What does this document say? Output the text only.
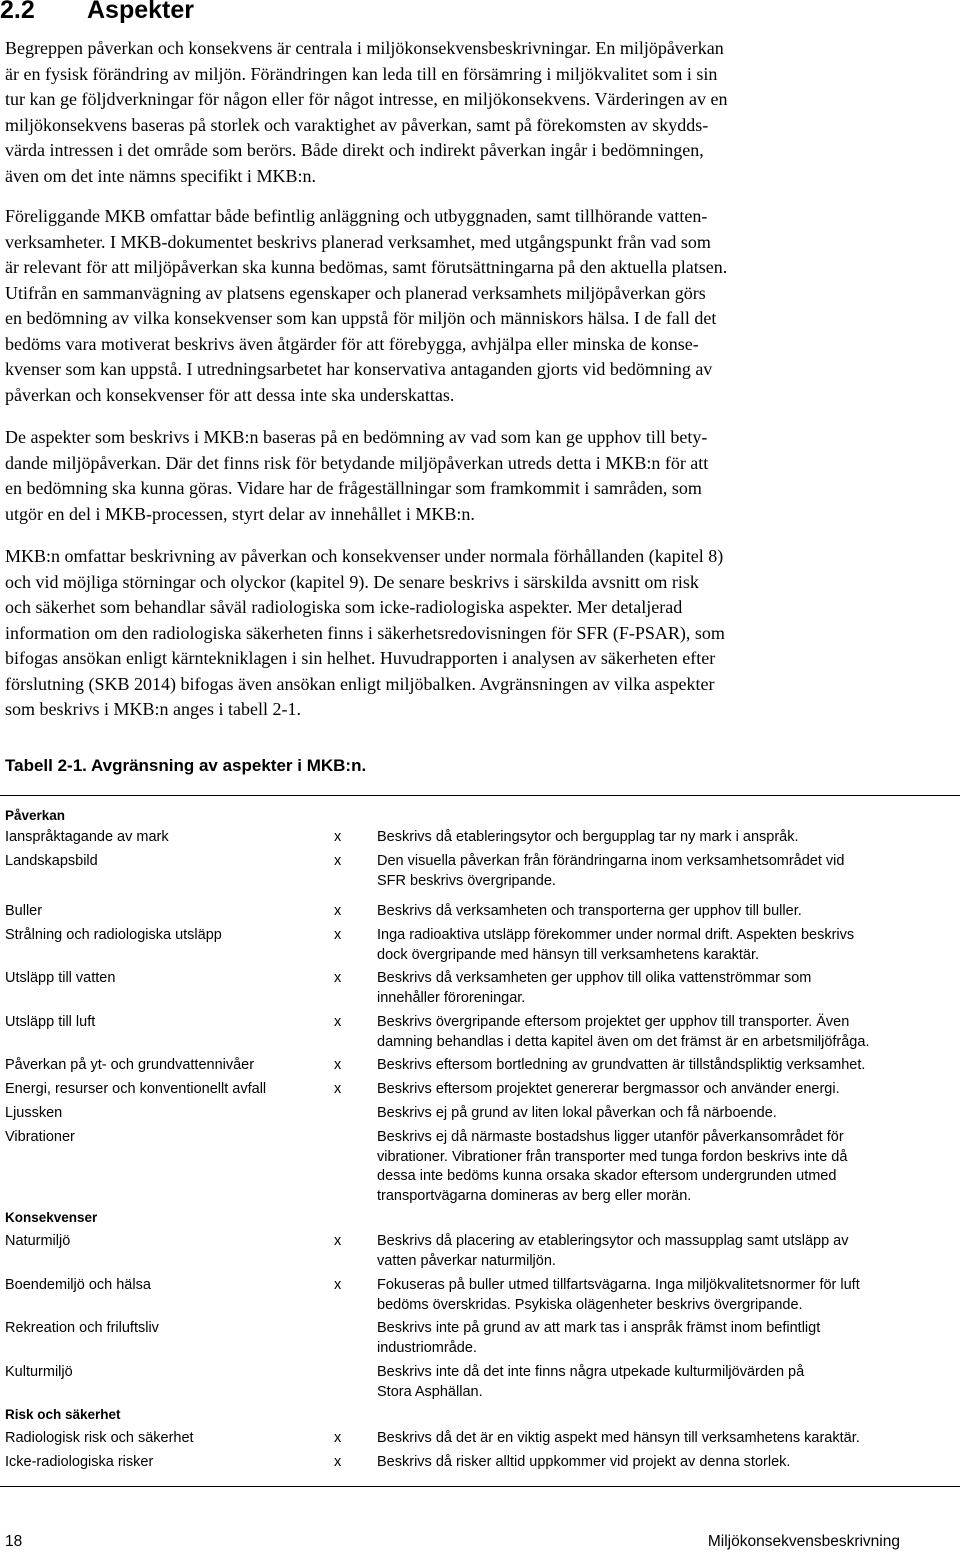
2.2 Aspekter
Begreppen påverkan och konsekvens är centrala i miljökonsekvensbeskrivningar. En miljöpåverkan
är en fysisk förändring av miljön. Förändringen kan leda till en försämring i miljökvalitet som i sin
tur kan ge följdverkningar för någon eller för något intresse, en miljökonsekvens. Värderingen av en
miljökonsekvens baseras på storlek och varaktighet av påverkan, samt på förekomsten av skydds-
värda intressen i det område som berörs. Både direkt och indirekt påverkan ingår i bedömningen,
även om det inte nämns specifikt i MKB:n.
Föreliggande MKB omfattar både befintlig anläggning och utbyggnaden, samt tillhörande vatten-
verksamheter. I MKB-dokumentet beskrivs planerad verksamhet, med utgångspunkt från vad som
är relevant för att miljöpåverkan ska kunna bedömas, samt förutsättningarna på den aktuella platsen.
Utifrån en sammanvägning av platsens egenskaper och planerad verksamhets miljöpåverkan görs
en bedömning av vilka konsekvenser som kan uppstå för miljön och människors hälsa. I de fall det
bedöms vara motiverat beskrivs även åtgärder för att förebygga, avhjälpa eller minska de konse-
kvenser som kan uppstå. I utredningsarbetet har konservativa antaganden gjorts vid bedömning av
påverkan och konsekvenser för att dessa inte ska underskattas.
De aspekter som beskrivs i MKB:n baseras på en bedömning av vad som kan ge upphov till bety-
dande miljöpåverkan. Där det finns risk för betydande miljöpåverkan utreds detta i MKB:n för att
en bedömning ska kunna göras. Vidare har de frågeställningar som framkommit i samråden, som
utgör en del i MKB-processen, styrt delar av innehållet i MKB:n.
MKB:n omfattar beskrivning av påverkan och konsekvenser under normala förhållanden (kapitel 8)
och vid möjliga störningar och olyckor (kapitel 9). De senare beskrivs i särskilda avsnitt om risk
och säkerhet som behandlar såväl radiologiska som icke-radiologiska aspekter. Mer detaljerad
information om den radiologiska säkerheten finns i säkerhetsredovisningen för SFR (F-PSAR), som
bifogas ansökan enligt kärntekniklagen i sin helhet. Huvudrapporten i analysen av säkerheten efter
förslutning (SKB 2014) bifogas även ansökan enligt miljöbalken. Avgränsningen av vilka aspekter
som beskrivs i MKB:n anges i tabell 2-1.
Tabell 2-1. Avgränsning av aspekter i MKB:n.
Påverkan
Ianspråktagande av mark	x Beskrivs då etableringsytor och bergupplag tar ny mark i anspråk.
Landskapsbild	x Den visuella påverkan från förändringarna inom verksamhetsområdet vid
SFR beskrivs övergripande.
Buller	x Beskrivs då verksamheten och transporterna ger upphov till buller.
Strålning och radiologiska utsläpp	x Inga radioaktiva utsläpp förekommer under normal drift. Aspekten beskrivs
dock övergripande med hänsyn till verksamhetens karaktär.
Utsläpp till vatten	x Beskrivs då verksamheten ger upphov till olika vattenströmmar som
innehåller föroreningar.
Utsläpp till luft	x Beskrivs övergripande eftersom projektet ger upphov till transporter. Även
damning behandlas i detta kapitel även om det främst är en arbetsmiljöfråga.
Påverkan på yt- och grundvattennivåer	x Beskrivs eftersom bortledning av grundvatten är tillståndspliktig verksamhet.
Energi, resurser och konventionellt avfall	x Beskrivs eftersom projektet genererar bergmassor och använder energi.
Ljussken	Beskrivs ej på grund av liten lokal påverkan och få närboende.
Vibrationer	Beskrivs ej då närmaste bostadshus ligger utanför påverkansområdet för
vibrationer. Vibrationer från transporter med tunga fordon beskrivs inte då
dessa inte bedöms kunna orsaka skador eftersom undergrunden utmed
transportvägarna domineras av berg eller morän.
Konsekvenser
Naturmiljö	x Beskrivs då placering av etableringsytor och massupplag samt utsläpp av
vatten påverkar naturmiljön.
Boendemiljö och hälsa	x Fokuseras på buller utmed tillfartsvägarna. Inga miljökvalitetsnormer för luft
bedöms överskridas. Psykiska olägenheter beskrivs övergripande.
Rekreation och friluftsliv	Beskrivs inte på grund av att mark tas i anspråk främst inom befintligt
industriområde.
Kulturmiljö	Beskrivs inte då det inte finns några utpekade kulturmiljövärden på
Stora Asphällan.
Risk och säkerhet
Radiologisk risk och säkerhet	x Beskrivs då det är en viktig aspekt med hänsyn till verksamhetens karaktär.
Icke-radiologiska risker	x Beskrivs då risker alltid uppkommer vid projekt av denna storlek.
18	Miljökonsekvensbeskrivning
